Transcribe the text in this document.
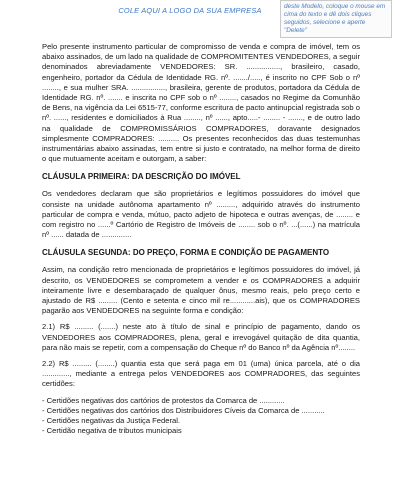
COLE AQUI A LOGO DA SUA EMPRESA	deste Modelo, coloque o mouse em cima do texto e dê dois cliques seguidos, selecione e aperte "Delete"

Pelo presente instrumento particular de compromisso de venda e compra de imóvel, tem os abaixo assinados, de um lado na qualidade de COMPROMITENTES VENDEDORES, a seguir denominados abreviadamente VENDEDORES: SR. ................, brasileiro, casado, engenheiro, portador da Cédula de Identidade RG. nº. ......./....., é inscrito no CPF Sob o nº ........, e sua mulher SRA. ................, brasileira, gerente de produtos, portadora da Cédula de Identidade RG. nº. ....... e inscrita no CPF sob o nº ........, casados no Regime da Comunhão de Bens, na vigência da Lei 6515-77, conforme escritura de pacto antinupcial registrada sob o nº. ......, residentes e domiciliados à Rua ........, nº ......, apto.....- ........ - ......., e de outro lado na qualidade de COMPROMISSÁRIOS COMPRADORES, doravante designados simplesmente COMPRADORES: .......... Os presentes reconhecidos das duas testemunhas instrumentárias abaixo assinadas, tem entre si justo e contratado, na melhor forma de direito o que mutuamente aceitam e outorgam, a saber:

CLÁUSULA PRIMEIRA: DA DESCRIÇÃO DO IMÓVEL

Os vendedores declaram que são proprietários e legítimos possuidores do imóvel que consiste na unidade autônoma apartamento nº ........., adquirido através do instrumento particular de compra e venda, mútuo, pacto adjeto de hipoteca e outras avenças, de ........ e com registro no ......º Cartório de Registro de Imóveis de ........ sob o nº. ...(......) na matrícula nº ...... datada de ..............

CLÁUSULA SEGUNDA: DO PREÇO, FORMA E CONDIÇÃO DE PAGAMENTO

Assim, na condição retro mencionada de proprietários e legítimos possuidores do imóvel, já descrito, os VENDEDORES se comprometem a vender e os COMPRADORES a adquirir inteiramente livre e desembaraçado de qualquer ônus, mesmo reais, pelo preço certo e ajustado de R$ ......... (Cento e setenta e cinco mil re............ais), que os COMPRADORES pagarão aos VENDEDORES na seguinte forma e condição:

2.1) R$ ......... (.......) neste ato à título de sinal e princípio de pagamento, dando os VENDEDORES aos COMPRADORES, plena, geral e irrevogável quitação de dita quantia, para não mais se repetir, com a compensação do Cheque nº do Banco nº da Agência nº........

2.2) R$ ......... (........) quantia esta que será paga em 01 (uma) única parcela, até o dia ............., mediante a entrega pelos VENDEDORES aos COMPRADORES, das seguintes certidões:

- Certidões negativas dos cartórios de protestos da Comarca de ............
- Certidões negativas dos cartórios dos Distribuidores Cíveis da Comarca de ...........
- Certidões negativas da Justiça Federal.
- Certidão negativa de tributos municipais
